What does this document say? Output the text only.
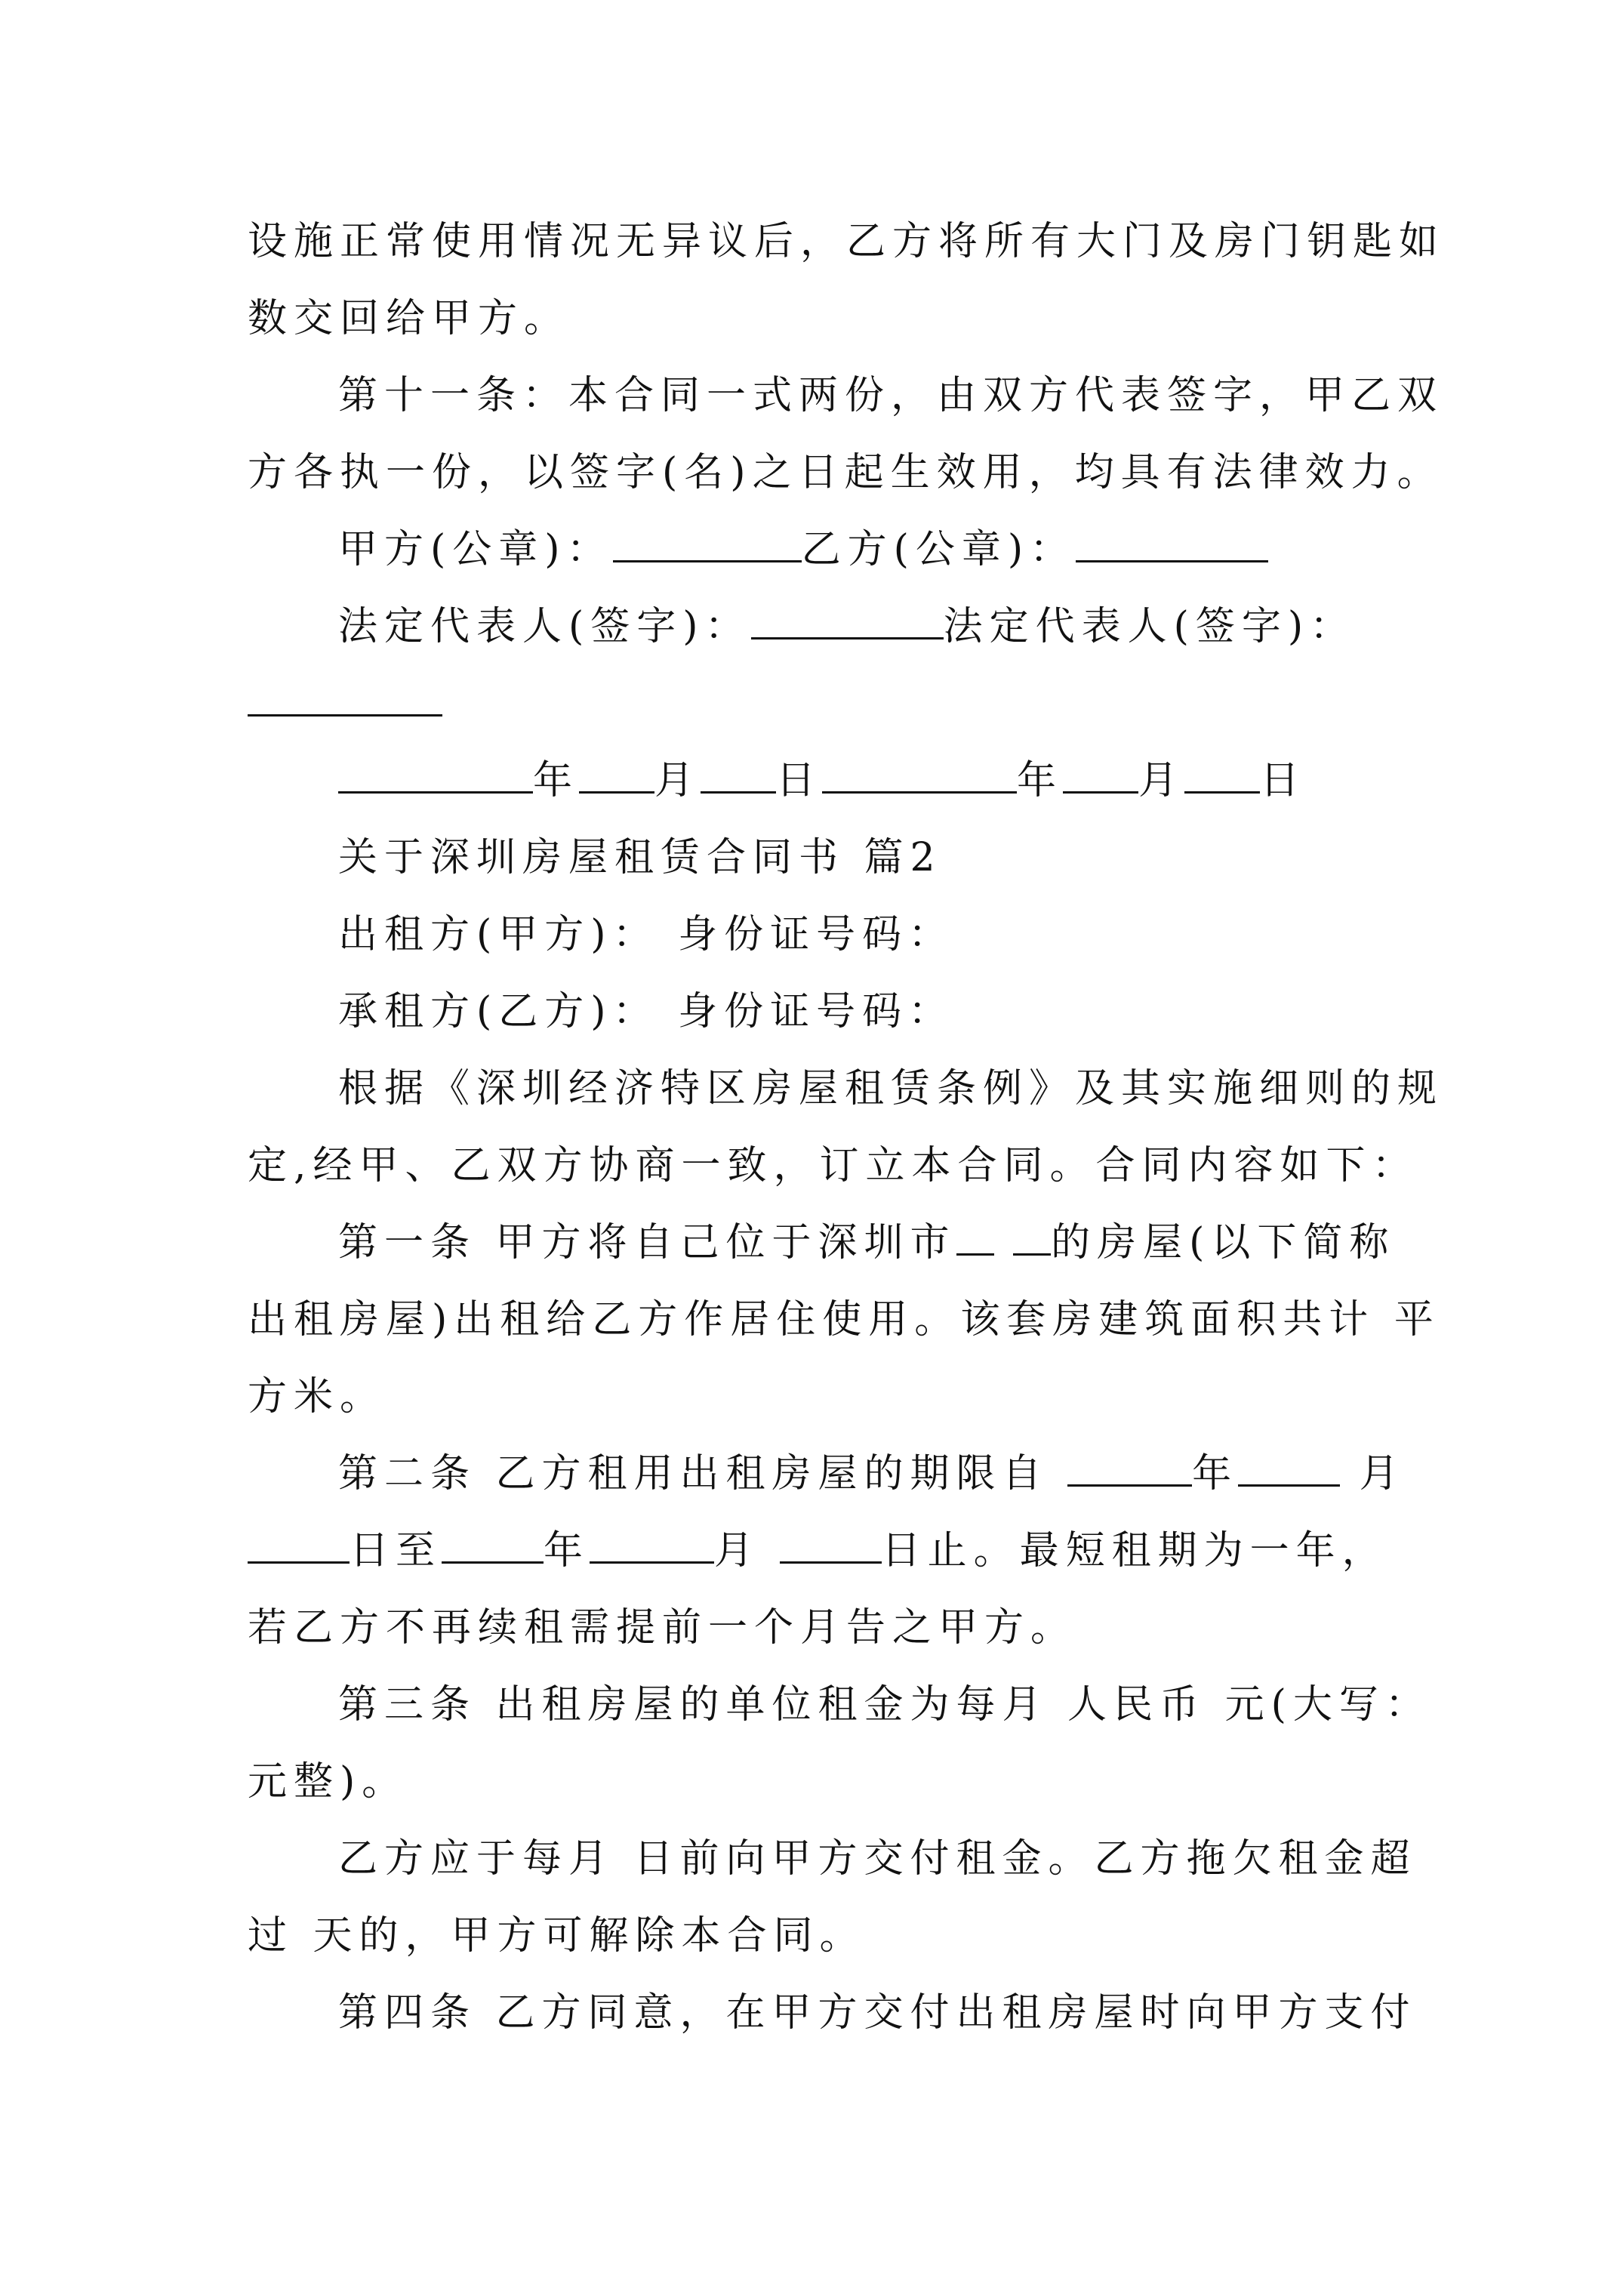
设施正常使用情况无异议后，乙方将所有大门及房门钥匙如
数交回给甲方。
第十一条：本合同一式两份，由双方代表签字，甲乙双
方各执一份，以签字(名)之日起生效用，均具有法律效力。
甲方(公章)：	乙方(公章)：
法定代表人(签字)：	法定代表人(签字)：
年 月 日	年 月 日
关于深圳房屋租赁合同书 篇2
出租方(甲方)： 身份证号码：
承租方(乙方)： 身份证号码：
根据《深圳经济特区房屋租赁条例》及其实施细则的规
定,经甲、乙双方协商一致，订立本合同。合同内容如下：
第一条 甲方将自己位于深圳市 的房屋(以下简称
出租房屋)出租给乙方作居住使用。该套房建筑面积共计 平
方米。
第二条 乙方租用出租房屋的期限自	年	月
日至	年	月	日止。最短租期为一年，
若乙方不再续租需提前一个月告之甲方。
第三条 出租房屋的单位租金为每月 人民币 元(大写：
元整)。
乙方应于每月 日前向甲方交付租金。乙方拖欠租金超
过 天的，甲方可解除本合同。
第四条 乙方同意，在甲方交付出租房屋时向甲方支付
